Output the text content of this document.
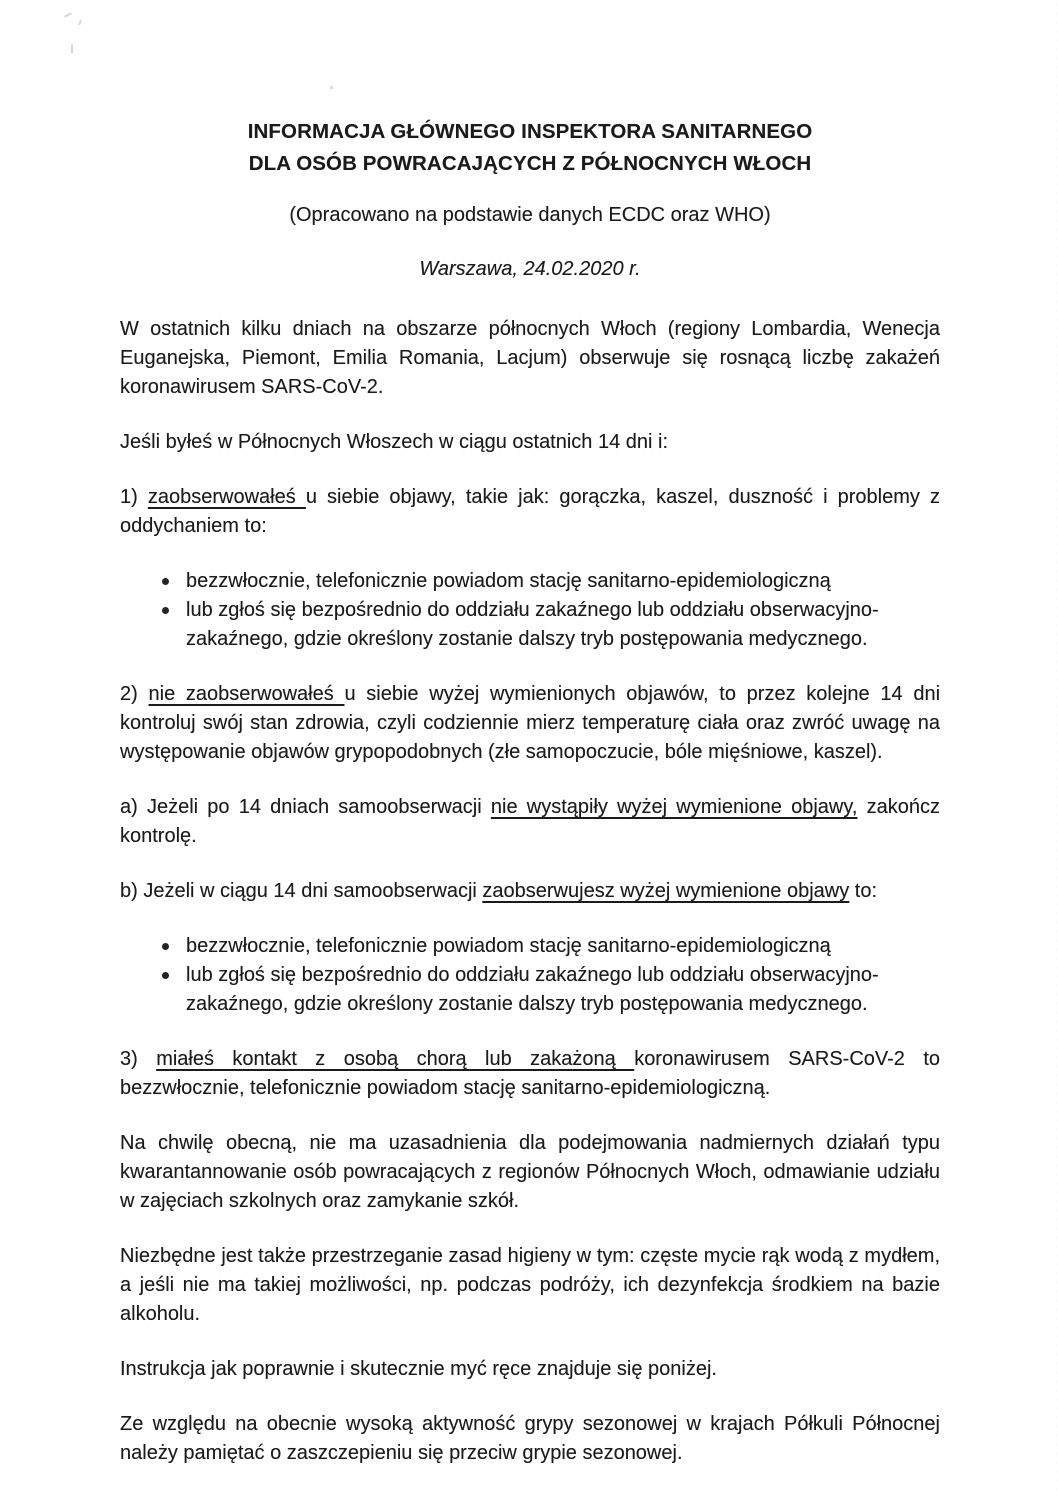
INFORMACJA GŁÓWNEGO INSPEKTORA SANITARNEGO
DLA OSÓB POWRACAJĄCYCH Z PÓŁNOCNYCH WŁOCH

(Opracowano na podstawie danych ECDC oraz WHO)

Warszawa, 24.02.2020 r.

W ostatnich kilku dniach na obszarze północnych Włoch (regiony Lombardia, Wenecja Euganejska, Piemont, Emilia Romania, Lacjum) obserwuje się rosnącą liczbę zakażeń koronawirusem SARS-CoV-2.

Jeśli byłeś w Północnych Włoszech w ciągu ostatnich 14 dni i:

1) zaobserwowałeś u siebie objawy, takie jak: gorączka, kaszel, duszność i problemy z oddychaniem to:

bezzwłocznie, telefonicznie powiadom stację sanitarno-epidemiologiczną
lub zgłoś się bezpośrednio do oddziału zakaźnego lub oddziału obserwacyjno-zakaźnego, gdzie określony zostanie dalszy tryb postępowania medycznego.

2) nie zaobserwowałeś u siebie wyżej wymienionych objawów, to przez kolejne 14 dni kontroluj swój stan zdrowia, czyli codziennie mierz temperaturę ciała oraz zwróć uwagę na występowanie objawów grypopodobnych (złe samopoczucie, bóle mięśniowe, kaszel).

a) Jeżeli po 14 dniach samoobserwacji nie wystąpiły wyżej wymienione objawy, zakończ kontrolę.

b) Jeżeli w ciągu 14 dni samoobserwacji zaobserwujesz wyżej wymienione objawy to:

bezzwłocznie, telefonicznie powiadom stację sanitarno-epidemiologiczną
lub zgłoś się bezpośrednio do oddziału zakaźnego lub oddziału obserwacyjno-zakaźnego, gdzie określony zostanie dalszy tryb postępowania medycznego.

3) miałeś kontakt z osobą chorą lub zakażoną koronawirusem SARS-CoV-2 to bezzwłocznie, telefonicznie powiadom stację sanitarno-epidemiologiczną.

Na chwilę obecną, nie ma uzasadnienia dla podejmowania nadmiernych działań typu kwarantannowanie osób powracających z regionów Północnych Włoch, odmawianie udziału w zajęciach szkolnych oraz zamykanie szkół.

Niezbędne jest także przestrzeganie zasad higieny w tym: częste mycie rąk wodą z mydłem, a jeśli nie ma takiej możliwości, np. podczas podróży, ich dezynfekcja środkiem na bazie alkoholu.

Instrukcja jak poprawnie i skutecznie myć ręce znajduje się poniżej.

Ze względu na obecnie wysoką aktywność grypy sezonowej w krajach Półkuli Północnej należy pamiętać o zaszczepieniu się przeciw grypie sezonowej.
